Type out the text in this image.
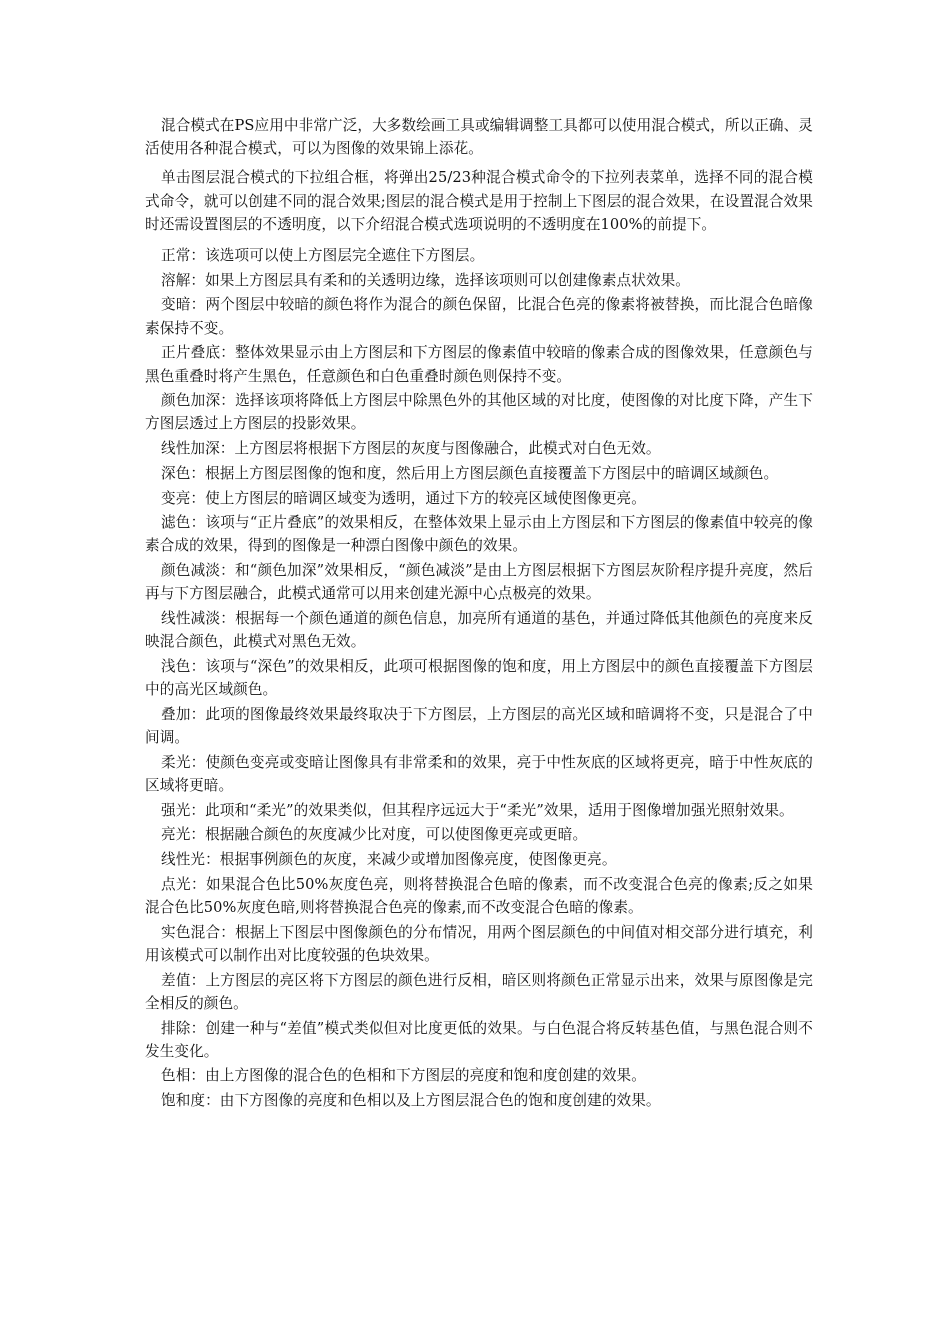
混合模式在PS应用中非常广泛，大多数绘画工具或编辑调整工具都可以使用混合模式，所以正确、灵活使用各种混合模式，可以为图像的效果锦上添花。

单击图层混合模式的下拉组合框，将弹出25/23种混合模式命令的下拉列表菜单，选择不同的混合模式命令，就可以创建不同的混合效果;图层的混合模式是用于控制上下图层的混合效果，在设置混合效果时还需设置图层的不透明度，以下介绍混合模式选项说明的不透明度在100%的前提下。

正常：该选项可以使上方图层完全遮住下方图层。

溶解：如果上方图层具有柔和的关透明边缘，选择该项则可以创建像素点状效果。

变暗：两个图层中较暗的颜色将作为混合的颜色保留，比混合色亮的像素将被替换，而比混合色暗像素保持不变。

正片叠底：整体效果显示由上方图层和下方图层的像素值中较暗的像素合成的图像效果，任意颜色与黑色重叠时将产生黑色，任意颜色和白色重叠时颜色则保持不变。

颜色加深：选择该项将降低上方图层中除黑色外的其他区域的对比度，使图像的对比度下降，产生下方图层透过上方图层的投影效果。

线性加深：上方图层将根据下方图层的灰度与图像融合，此模式对白色无效。

深色：根据上方图层图像的饱和度，然后用上方图层颜色直接覆盖下方图层中的暗调区域颜色。

变亮：使上方图层的暗调区域变为透明，通过下方的较亮区域使图像更亮。

滤色：该项与“正片叠底”的效果相反，在整体效果上显示由上方图层和下方图层的像素值中较亮的像素合成的效果，得到的图像是一种漂白图像中颜色的效果。

颜色减淡：和“颜色加深”效果相反，“颜色减淡”是由上方图层根据下方图层灰阶程序提升亮度，然后再与下方图层融合，此模式通常可以用来创建光源中心点极亮的效果。

线性减淡：根据每一个颜色通道的颜色信息，加亮所有通道的基色，并通过降低其他颜色的亮度来反映混合颜色，此模式对黑色无效。

浅色：该项与“深色”的效果相反，此项可根据图像的饱和度，用上方图层中的颜色直接覆盖下方图层中的高光区域颜色。

叠加：此项的图像最终效果最终取决于下方图层，上方图层的高光区域和暗调将不变，只是混合了中间调。

柔光：使颜色变亮或变暗让图像具有非常柔和的效果，亮于中性灰底的区域将更亮，暗于中性灰底的区域将更暗。

强光：此项和“柔光”的效果类似，但其程序远远大于“柔光”效果，适用于图像增加强光照射效果。

亮光：根据融合颜色的灰度减少比对度，可以使图像更亮或更暗。

线性光：根据事例颜色的灰度，来减少或增加图像亮度，使图像更亮。

点光：如果混合色比50%灰度色亮，则将替换混合色暗的像素，而不改变混合色亮的像素;反之如果混合色比50%灰度色暗,则将替换混合色亮的像素,而不改变混合色暗的像素。

实色混合：根据上下图层中图像颜色的分布情况，用两个图层颜色的中间值对相交部分进行填充，利用该模式可以制作出对比度较强的色块效果。

差值：上方图层的亮区将下方图层的颜色进行反相，暗区则将颜色正常显示出来，效果与原图像是完全相反的颜色。

排除：创建一种与“差值”模式类似但对比度更低的效果。与白色混合将反转基色值，与黑色混合则不发生变化。

色相：由上方图像的混合色的色相和下方图层的亮度和饱和度创建的效果。

饱和度：由下方图像的亮度和色相以及上方图层混合色的饱和度创建的效果。
